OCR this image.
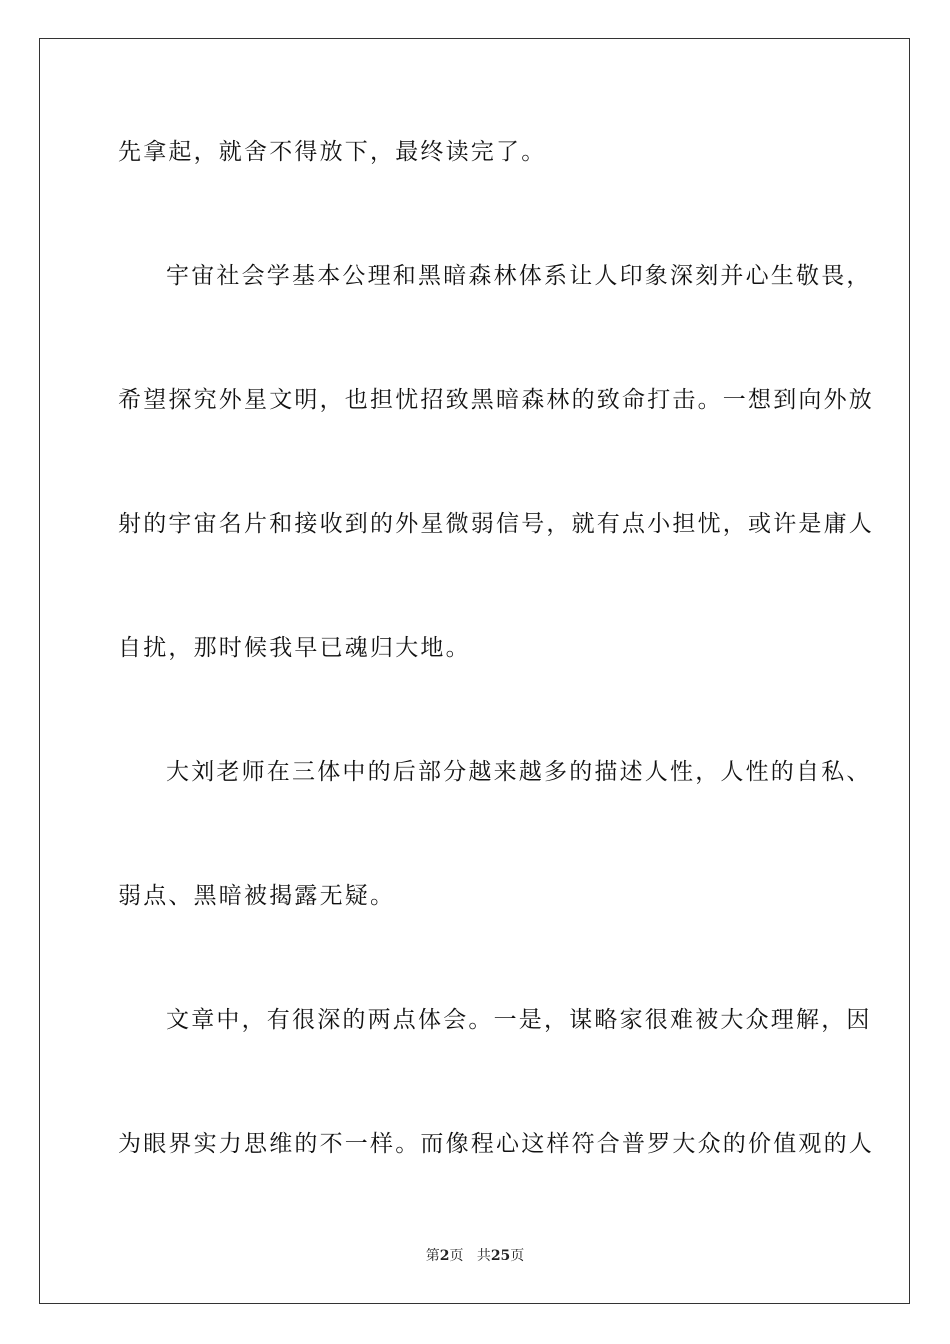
先拿起，就舍不得放下，最终读完了。
宇宙社会学基本公理和黑暗森林体系让人印象深刻并心生敬畏，
希望探究外星文明，也担忧招致黑暗森林的致命打击。一想到向外放
射的宇宙名片和接收到的外星微弱信号，就有点小担忧，或许是庸人
自扰，那时候我早已魂归大地。
大刘老师在三体中的后部分越来越多的描述人性，人性的自私、
弱点、黑暗被揭露无疑。
文章中，有很深的两点体会。一是，谋略家很难被大众理解，因
为眼界实力思维的不一样。而像程心这样符合普罗大众的价值观的人
第2页 共25页
